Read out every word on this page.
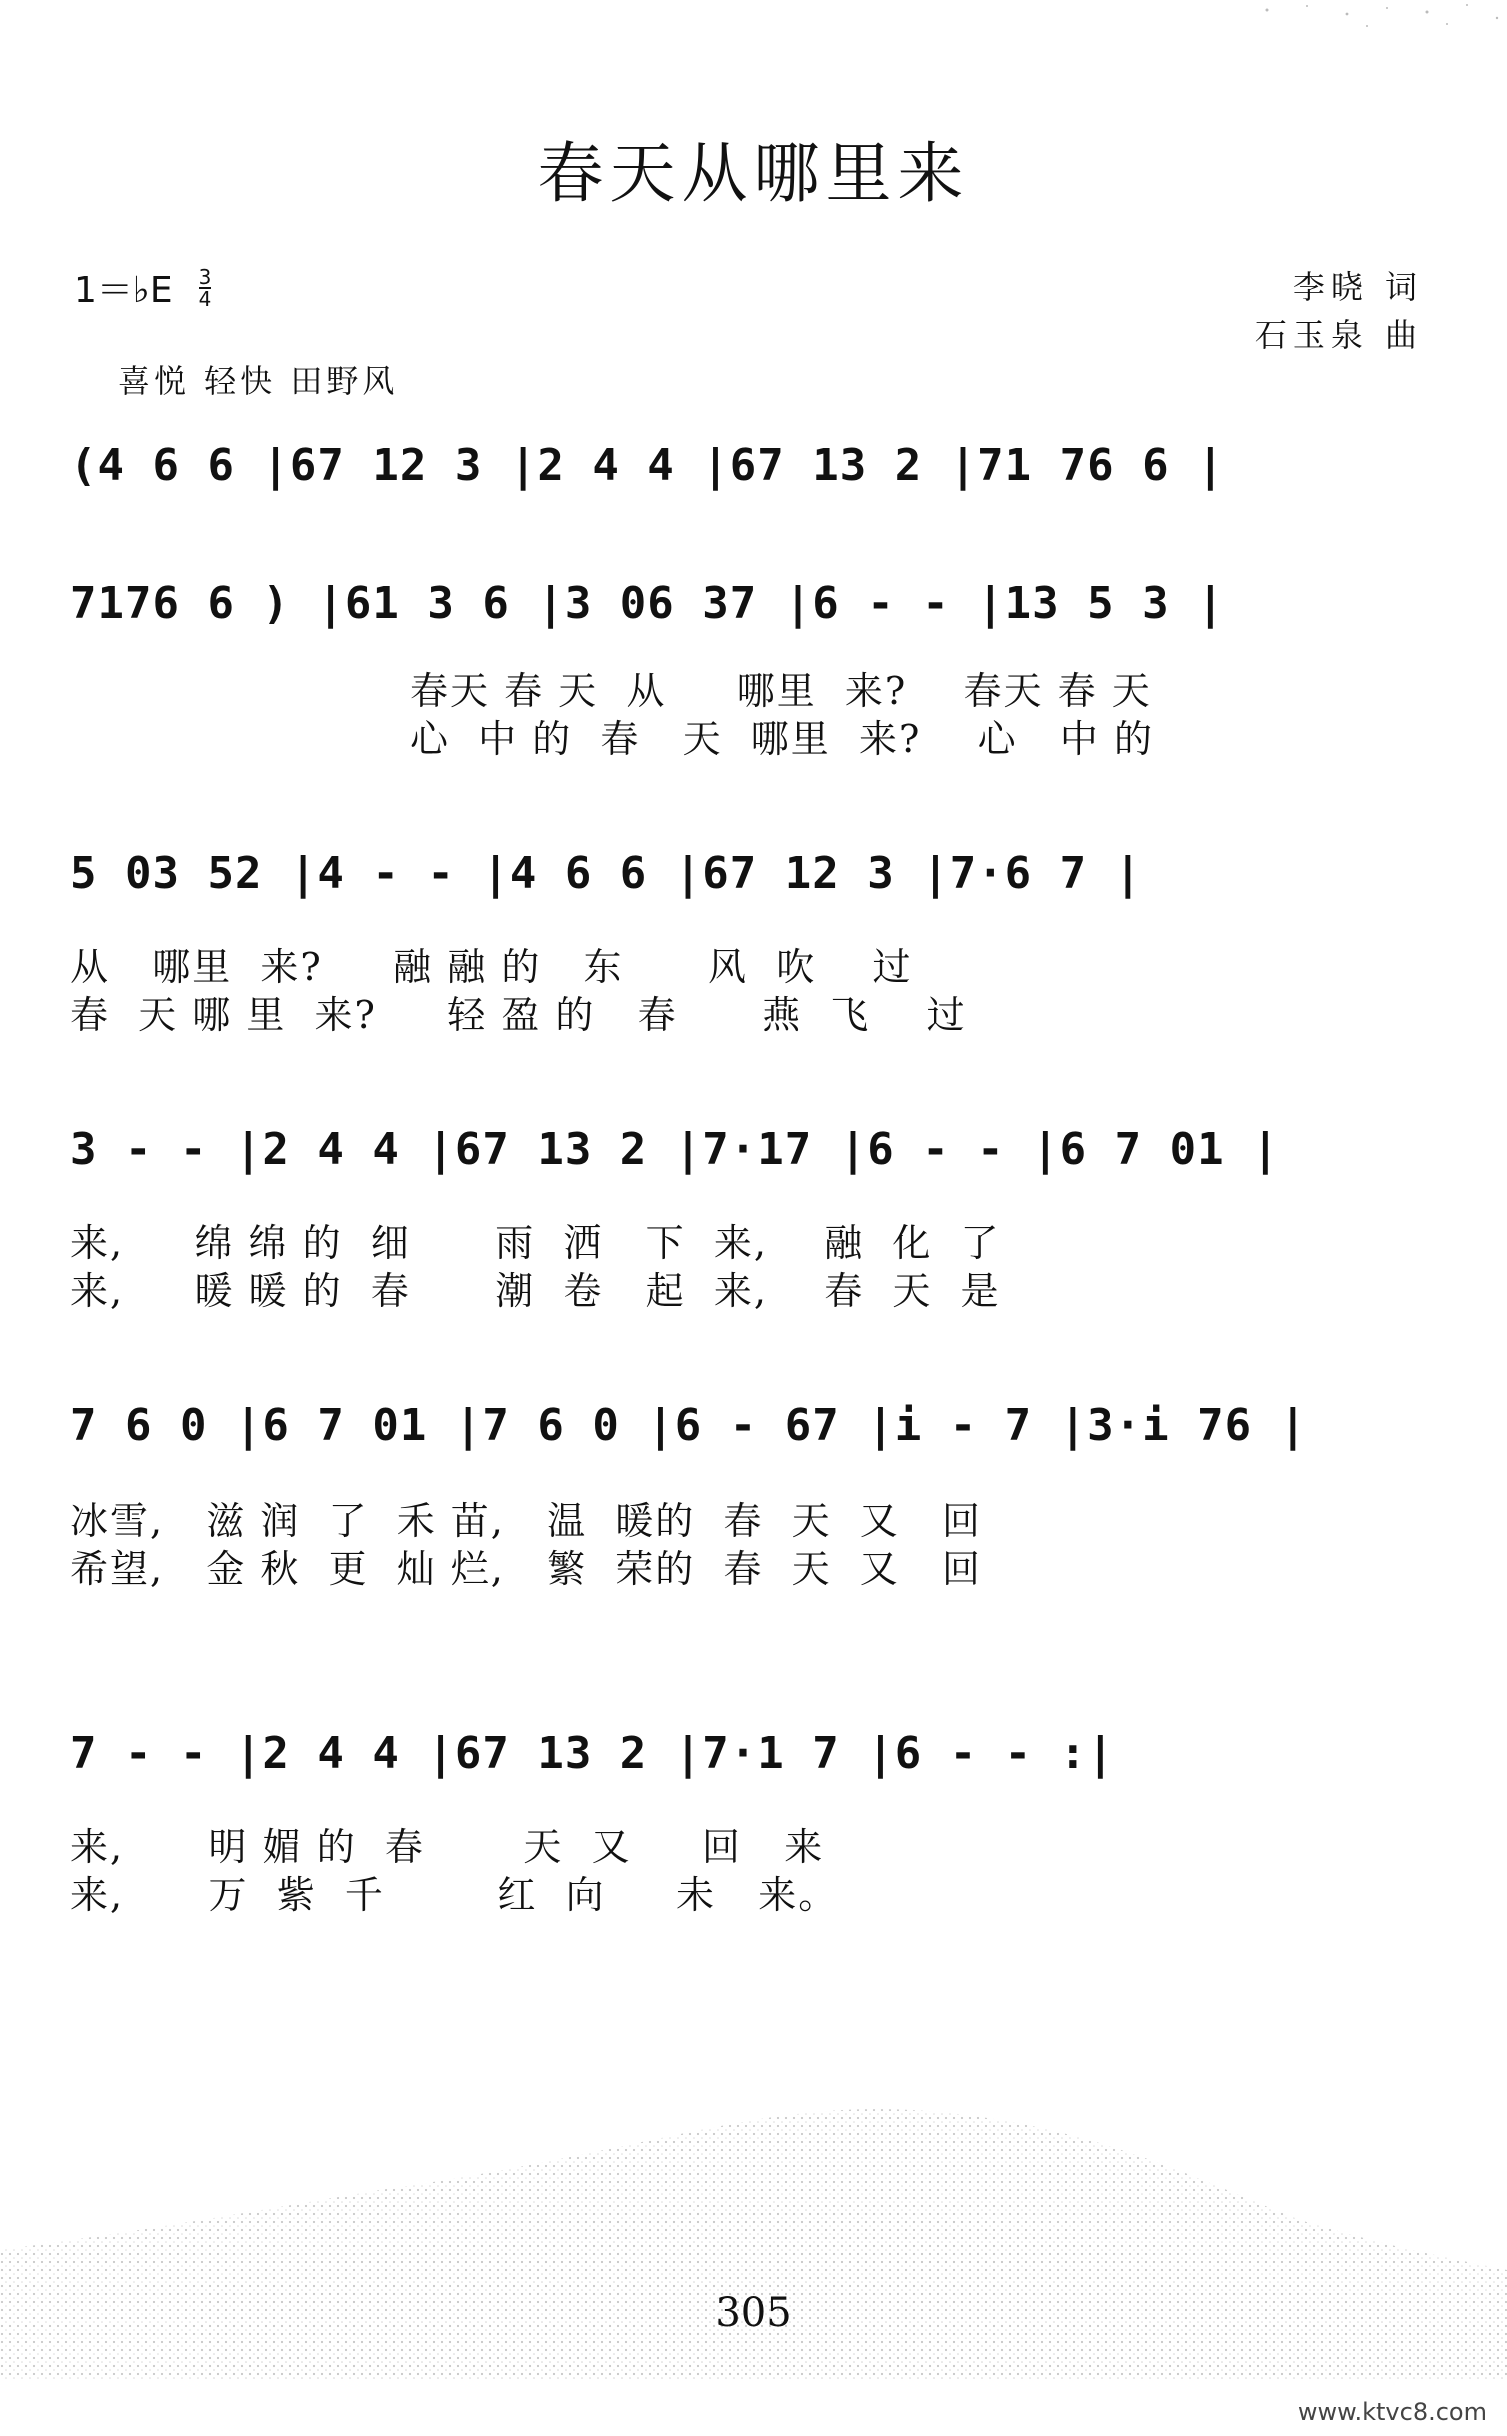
春天从哪里来
1＝♭E $\frac{3}{4}$	李晓 词
石玉泉 曲
喜悦 轻快 田野风
(4 6 6 |67 12 3 |2 4 4 |67 13 2 |71 76 6 |
7176 6 ) |61 3 6 |3 06 37 |6 - - |13 5 3 |
春天 春 天  从     哪里  来?    春天 春 天
心  中 的  春   天  哪里  来?    心   中 的
5 03 52 |4 - - |4 6 6 |67 12 3 |7·6 7 |
从   哪里  来?     融 融 的   东      风  吹    过
春  天 哪 里  来?     轻 盈 的   春      燕  飞    过
3 - - |2 4 4 |67 13 2 |7·17 |6 - - |6 7 01 |
来,     绵 绵 的  细      雨  洒   下  来,    融  化  了
来,     暖 暖 的  春      潮  卷   起  来,    春  天  是
7 6 0 |6 7 01 |7 6 0 |6 - 67 |i - 7 |3·i 76 |
冰雪,   滋 润  了  禾 苗,   温  暖的  春  天  又   回
希望,   金 秋  更  灿 烂,   繁  荣的  春  天  又   回
7 - - |2 4 4 |67 13 2 |7·1 7 |6 - - :|
来,      明 媚 的  春       天  又     回   来
来,      万  紫  千        红  向     未   来。
305
www.ktvc8.com
